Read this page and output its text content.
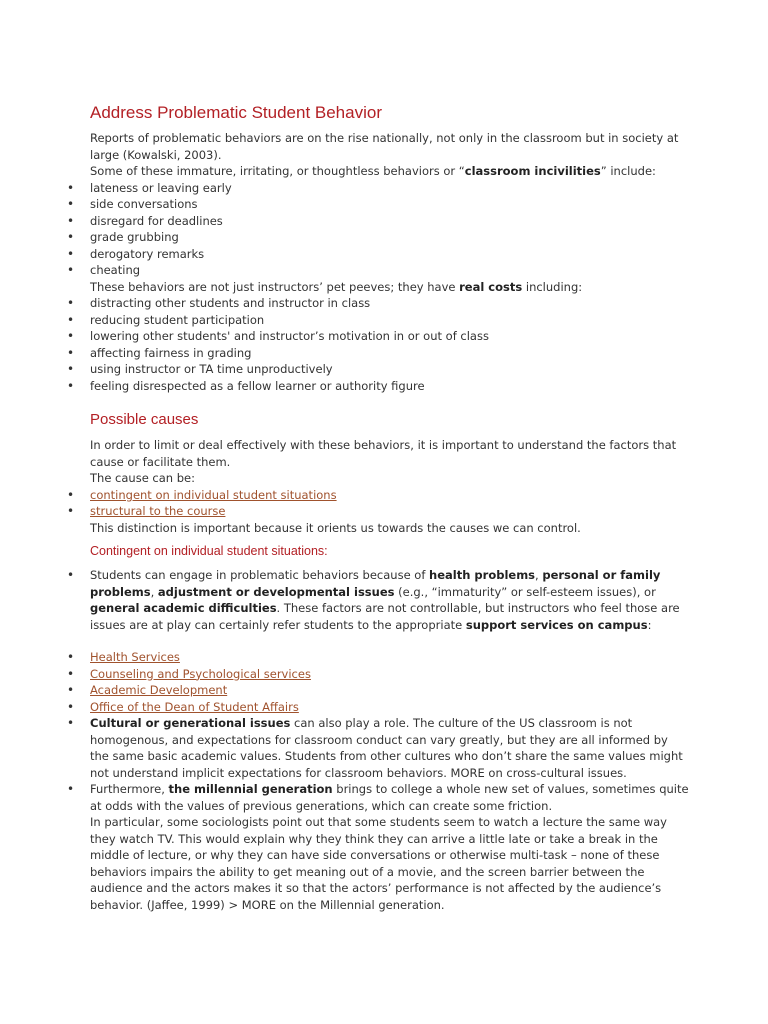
Address Problematic Student Behavior

Reports of problematic behaviors are on the rise nationally, not only in the classroom but in society at large (Kowalski, 2003).

Some of these immature, irritating, or thoughtless behaviors or “classroom incivilities” include:

• lateness or leaving early
• side conversations
• disregard for deadlines
• grade grubbing
• derogatory remarks
• cheating

These behaviors are not just instructors’ pet peeves; they have real costs including:

• distracting other students and instructor in class
• reducing student participation
• lowering other students' and instructor’s motivation in or out of class
• affecting fairness in grading
• using instructor or TA time unproductively
• feeling disrespected as a fellow learner or authority figure
Possible causes

In order to limit or deal effectively with these behaviors, it is important to understand the factors that cause or facilitate them.

The cause can be:

• contingent on individual student situations
• structural to the course

This distinction is important because it orients us towards the causes we can control.

Contingent on individual student situations:
• Students can engage in problematic behaviors because of health problems, personal or family problems, adjustment or developmental issues (e.g., “immaturity” or self-esteem issues), or general academic difficulties. These factors are not controllable, but instructors who feel those are issues are at play can certainly refer students to the appropriate support services on campus:
• Health Services
• Counseling and Psychological services
• Academic Development
• Office of the Dean of Student Affairs
• Cultural or generational issues can also play a role. The culture of the US classroom is not homogenous, and expectations for classroom conduct can vary greatly, but they are all informed by the same basic academic values. Students from other cultures who don’t share the same values might not understand implicit expectations for classroom behaviors. MORE on cross-cultural issues.
• Furthermore, the millennial generation brings to college a whole new set of values, sometimes quite at odds with the values of previous generations, which can create some friction.
In particular, some sociologists point out that some students seem to watch a lecture the same way they watch TV. This would explain why they think they can arrive a little late or take a break in the middle of lecture, or why they can have side conversations or otherwise multi-task – none of these behaviors impairs the ability to get meaning out of a movie, and the screen barrier between the audience and the actors makes it so that the actors’ performance is not affected by the audience’s behavior. (Jaffee, 1999) > MORE on the Millennial generation.
